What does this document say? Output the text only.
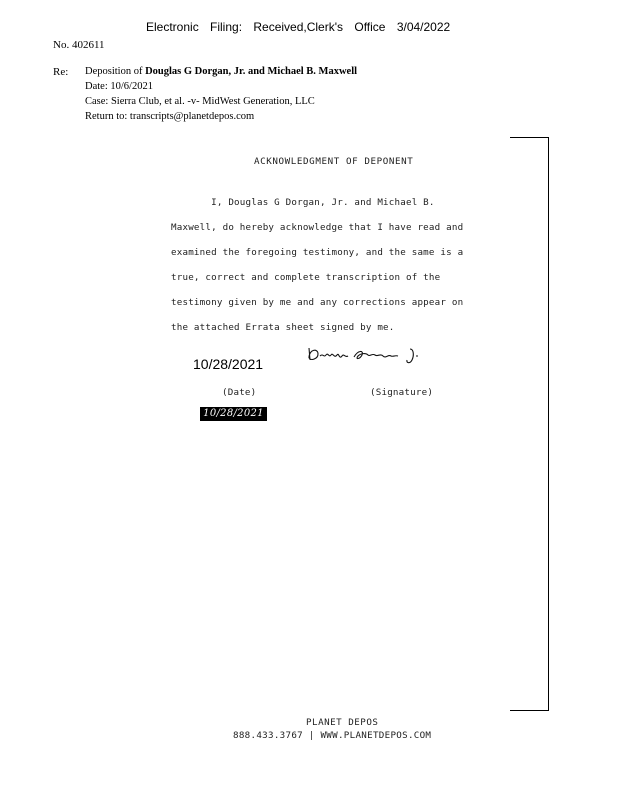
Electronic Filing: Received,Clerk's Office 3/04/2022
No. 402611
Re: Deposition of Douglas G Dorgan, Jr. and Michael B. Maxwell
Date: 10/6/2021
Case: Sierra Club, et al. -v- MidWest Generation, LLC
Return to: transcripts@planetdepos.com
ACKNOWLEDGMENT OF DEPONENT
I, Douglas G Dorgan, Jr. and Michael B.
Maxwell, do hereby acknowledge that I have read and
examined the foregoing testimony, and the same is a
true, correct and complete transcription of the
testimony given by me and any corrections appear on
the attached Errata sheet signed by me.
10/28/2021
(Date)	(Signature)
10/28/2021
PLANET DEPOS
888.433.3767 | WWW.PLANETDEPOS.COM
